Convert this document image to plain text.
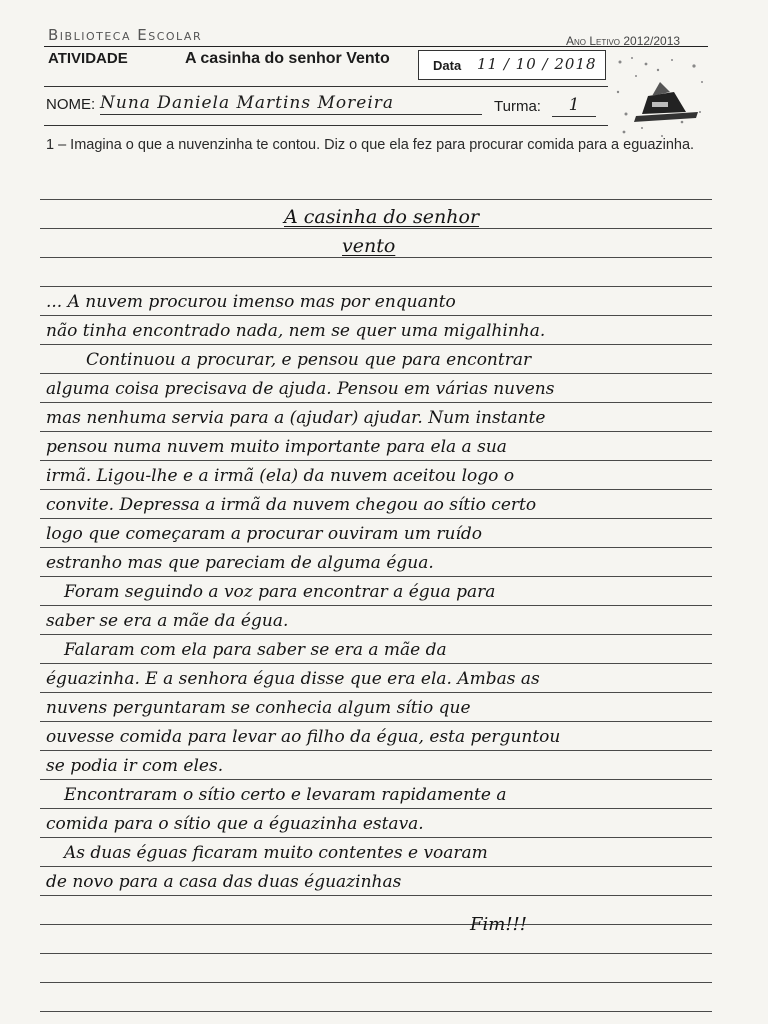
Biblioteca Escolar	Ano Letivo 2012/2013
ATIVIDADE	A casinha do senhor Vento	Data 11 / 10 / 2018
NOME: Nuna Daniela Martins Moreira	Turma:	1
1 – Imagina o que a nuvenzinha te contou. Diz o que ela fez para procurar comida para a eguazinha.
A casinha do senhor
vento
... A nuvem procurou imenso mas por enquanto
não tinha encontrado nada, nem se quer uma migalhinha.
Continuou a procurar, e pensou que para encontrar
alguma coisa precisava de ajuda. Pensou em várias nuvens
mas nenhuma servia para a (ajudar) ajudar. Num instante
pensou numa nuvem muito importante para ela a sua
irmã. Ligou-lhe e a irmã (ela) da nuvem aceitou logo o
convite. Depressa a irmã da nuvem chegou ao sítio certo
logo que começaram a procurar ouviram um ruído
estranho mas que pareciam de alguma égua.
Foram seguindo a voz para encontrar a égua para
saber se era a mãe da égua.
Falaram com ela para saber se era a mãe da
éguazinha. E a senhora égua disse que era ela. Ambas as
nuvens perguntaram se conhecia algum sítio que
ouvesse comida para levar ao filho da égua, esta perguntou
se podia ir com eles.
Encontraram o sítio certo e levaram rapidamente a
comida para o sítio que a éguazinha estava.
As duas éguas ficaram muito contentes e voaram
de novo para a casa das duas éguazinhas
Fim!!!
